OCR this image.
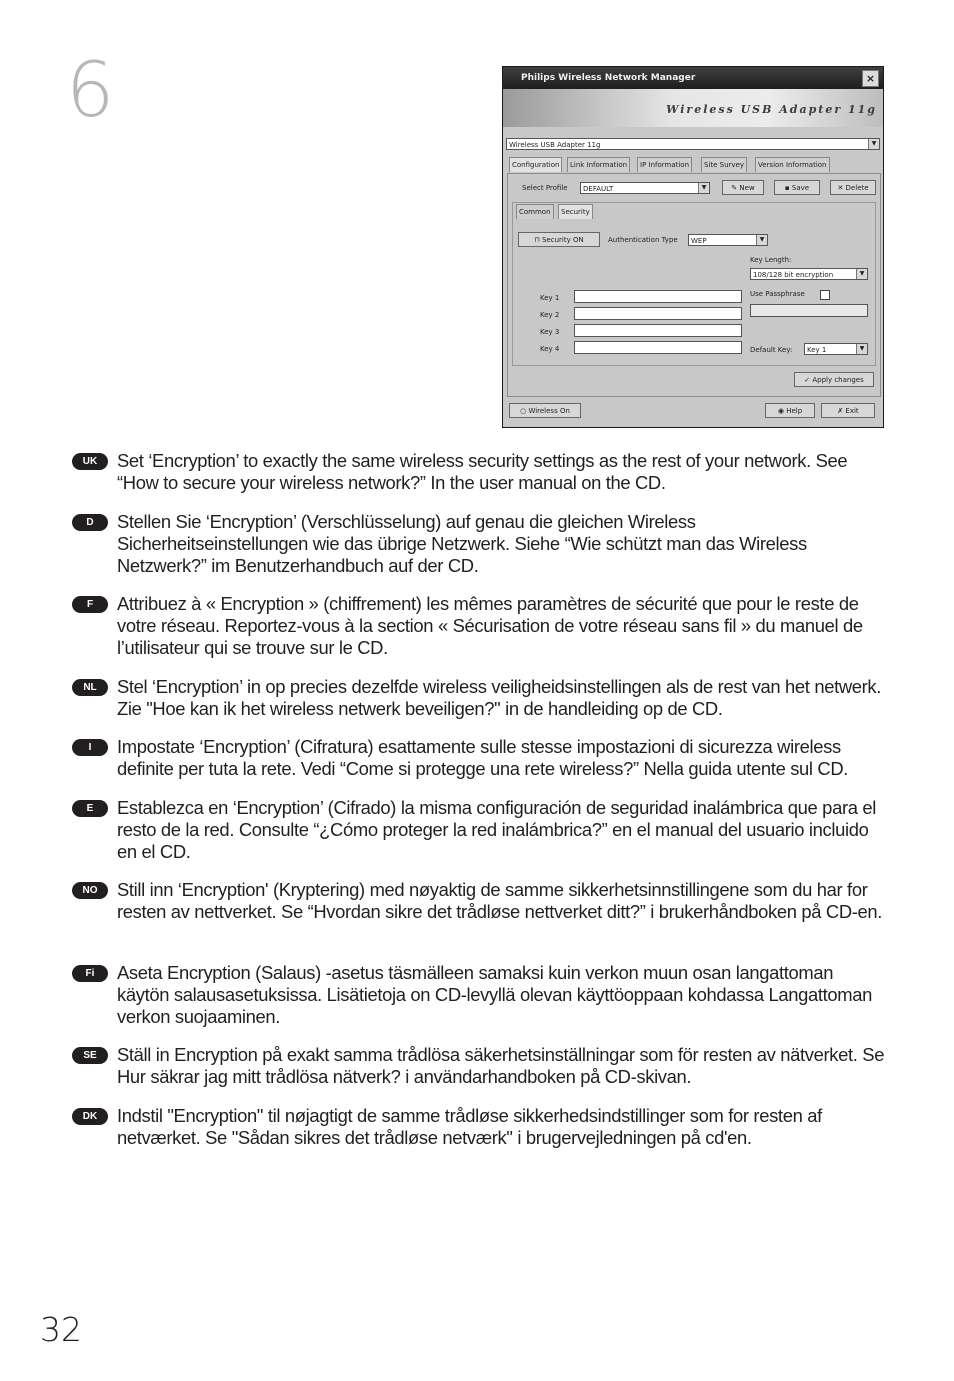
6	Philips Wireless Network Manager	×
Wireless USB Adapter 11g
Wireless USB Adapter 11g	▼
Configuration	Link Information	IP Information	Site Survey	Version Information
Select Profile	DEFAULT	▼	✎ New	▪ Save	✕ Delete
Common	Security
⊓ Security ON	Authentication Type	WEP	▼
Key Length:
108/128 bit encryption	▼
Use Passphrase
Key 1
Key 2
Key 3
Key 4	Default Key:	Key 1	▼
✓ Apply changes
○ Wireless On	◉ Help	✗ Exit
UK	Set ‘Encryption’ to exactly the same wireless security settings as the rest of your network. See “How to secure your wireless network?” In the user manual on the CD.
D	Stellen Sie ‘Encryption’ (Verschlüsselung) auf genau die gleichen Wireless Sicherheitseinstellungen wie das übrige Netzwerk. Siehe “Wie schützt man das Wireless Netzwerk?” im Benutzerhandbuch auf der CD.
F	Attribuez à « Encryption » (chiffrement) les mêmes paramètres de sécurité que pour le reste de votre réseau. Reportez-vous à la section « Sécurisation de votre réseau sans fil » du manuel de l’utilisateur qui se trouve sur le CD.
NL	Stel ‘Encryption’ in op precies dezelfde wireless veiligheidsinstellingen als de rest van het netwerk. Zie "Hoe kan ik het wireless netwerk beveiligen?" in de handleiding op de CD.
I	Impostate ‘Encryption’ (Cifratura) esattamente sulle stesse impostazioni di sicurezza wireless definite per tuta la rete. Vedi “Come si protegge una rete wireless?” Nella guida utente sul CD.
E	Establezca en ‘Encryption’ (Cifrado) la misma configuración de seguridad inalámbrica que para el resto de la red. Consulte “¿Cómo proteger la red inalámbrica?” en el manual del usuario incluido en el CD.
NO	Still inn ‘Encryption' (Kryptering) med nøyaktig de samme sikkerhetsinnstillingene som du har for resten av nettverket. Se “Hvordan sikre det trådløse nettverket ditt?” i brukerhåndboken på CD-en.
Fi	Aseta Encryption (Salaus) -asetus täsmälleen samaksi kuin verkon muun osan langattoman käytön salausasetuksissa. Lisätietoja on CD-levyllä olevan käyttöoppaan kohdassa Langattoman verkon suojaaminen.
SE	Ställ in Encryption på exakt samma trådlösa säkerhetsinställningar som för resten av nätverket. Se Hur säkrar jag mitt trådlösa nätverk? i användarhandboken på CD-skivan.
DK	Indstil "Encryption" til nøjagtigt de samme trådløse sikkerhedsindstillinger som for resten af netværket. Se "Sådan sikres det trådløse netværk" i brugervejledningen på cd'en.
32
